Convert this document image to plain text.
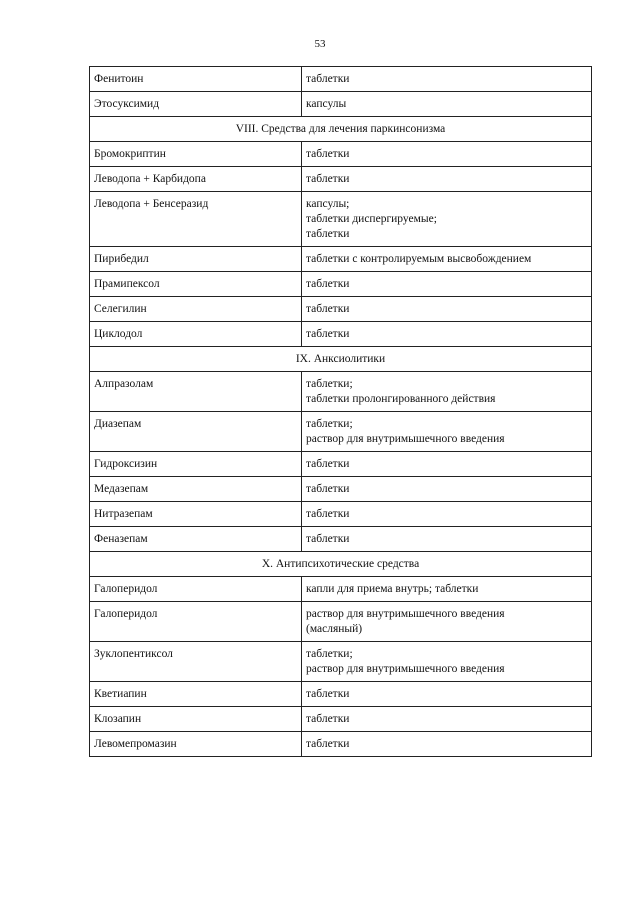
53
Фенитоин	таблетки

Этосуксимид	капсулы

VIII. Средства для лечения паркинсонизма	
Бромокриптин	таблетки

Леводопа + Карбидопа	таблетки

Леводопа + Бенсеразид	капсулы;
таблетки диспергируемые;
таблетки

Пирибедил	таблетки с контролируемым высвобождением

Прамипексол	таблетки

Селегилин	таблетки

Циклодол	таблетки

IX. Анксиолитики	
Алпразолам	таблетки;
таблетки пролонгированного действия

Диазепам	таблетки;
раствор для внутримышечного введения

Гидроксизин	таблетки

Медазепам	таблетки

Нитразепам	таблетки

Феназепам	таблетки

X. Антипсихотические средства	
Галоперидол	капли для приема внутрь; таблетки

Галоперидол	раствор для внутримышечного введения
(масляный)

Зуклопентиксол	таблетки;
раствор для внутримышечного введения

Кветиапин	таблетки

Клозапин	таблетки

Левомепромазин	таблетки
